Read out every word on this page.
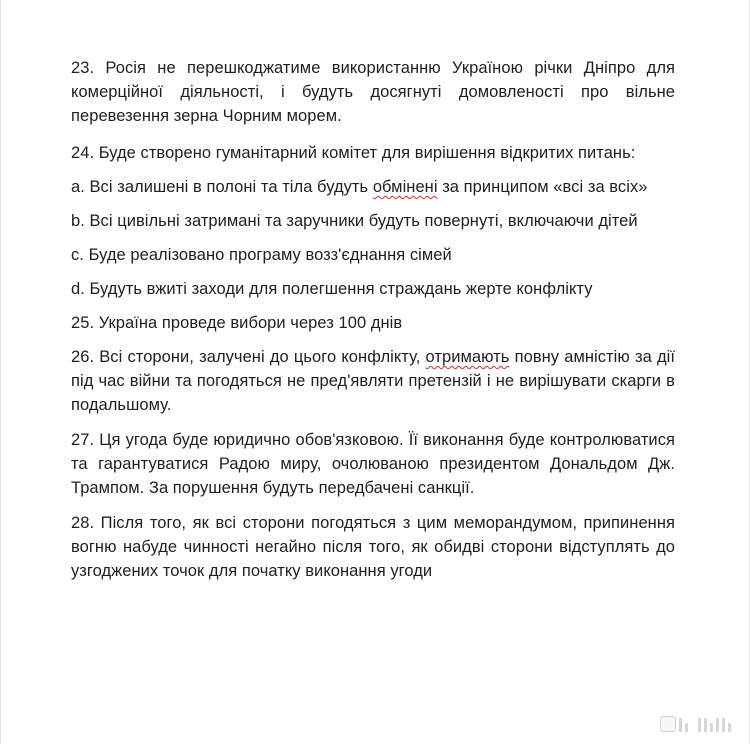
23. Росія не перешкоджатиме використанню Україною річки Дніпро для комерційної діяльності, і будуть досягнуті домовленості про вільне перевезення зерна Чорним морем.

24. Буде створено гуманітарний комітет для вирішення відкритих питань:

a. Всі залишені в полоні та тіла будуть обмінені за принципом «всі за всіх»

b. Всі цивільні затримані та заручники будуть повернуті, включаючи дітей

c. Буде реалізовано програму возз'єднання сімей

d. Будуть вжиті заходи для полегшення страждань жерте конфлікту

25. Україна проведе вибори через 100 днів

26. Всі сторони, залучені до цього конфлікту, отримають повну амністію за дії під час війни та погодяться не пред'являти претензій і не вирішувати скарги в подальшому.

27. Ця угода буде юридично обов'язковою. Її виконання буде контролюватися та гарантуватися Радою миру, очолюваною президентом Дональдом Дж. Трампом. За порушення будуть передбачені санкції.

28. Після того, як всі сторони погодяться з цим меморандумом, припинення вогню набуде чинності негайно після того, як обидві сторони відступлять до узгоджених точок для початку виконання угоди
